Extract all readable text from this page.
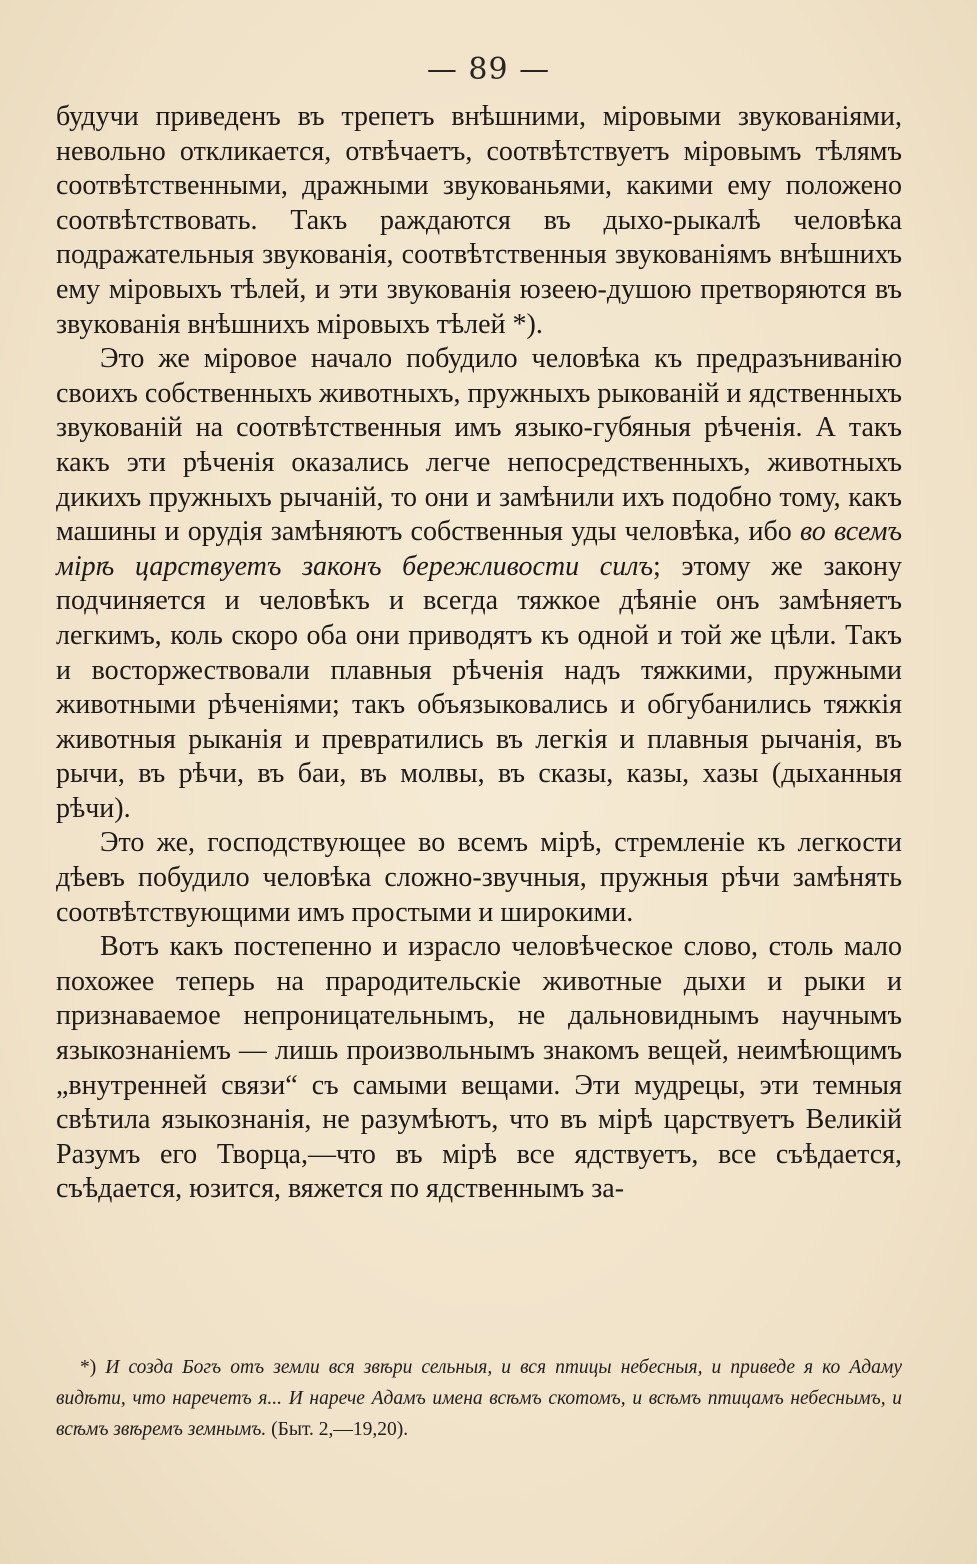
— 89 —

будучи приведенъ въ трепетъ внѣшними, міровыми звукованіями, невольно откликается, отвѣчаетъ, соотвѣтствуетъ міровымъ тѣлямъ соотвѣтственными, дражными звукованьями, какими ему положено соотвѣтствовать. Такъ раждаются въ дыхо-рыкалѣ человѣка подражательныя звукованія, соотвѣтственныя звукованіямъ внѣшнихъ ему міровыхъ тѣлей, и эти звукованія юзеею-душою претворяются въ звукованія внѣшнихъ міровыхъ тѣлей *).

Это же міровое начало побудило человѣка къ предразъниванію своихъ собственныхъ животныхъ, пружныхъ рыкованій и ядственныхъ звукованій на соотвѣтственныя имъ языко-губяныя рѣченія. А такъ какъ эти рѣченія оказались легче непосредственныхъ, животныхъ дикихъ пружныхъ рычаній, то они и замѣнили ихъ подобно тому, какъ машины и орудія замѣняютъ собственныя уды человѣка, ибо во всемъ мірѣ царствуетъ законъ бережливости силъ; этому же закону подчиняется и человѣкъ и всегда тяжкое дѣяніе онъ замѣняетъ легкимъ, коль скоро оба они приводятъ къ одной и той же цѣли. Такъ и восторжествовали плавныя рѣченія надъ тяжкими, пружными животными рѣченіями; такъ объязыковались и обгубанились тяжкія животныя рыканія и превратились въ легкія и плавныя рычанія, въ рычи, въ рѣчи, въ баи, въ молвы, въ сказы, казы, хазы (дыханныя рѣчи).

Это же, господствующее во всемъ мірѣ, стремленіе къ легкости дѣевъ побудило человѣка сложно-звучныя, пружныя рѣчи замѣнять соотвѣтствующими имъ простыми и широкими.

Вотъ какъ постепенно и израсло человѣческое слово, столь мало похожее теперь на прародительскіе животные дыхи и рыки и признаваемое непроницательнымъ, не дальновиднымъ научнымъ языкознаніемъ — лишь произвольнымъ знакомъ вещей, неимѣющимъ „внутренней связи“ съ самыми вещами. Эти мудрецы, эти темныя свѣтила языкознанія, не разумѣютъ, что въ мірѣ царствуетъ Великій Разумъ его Творца,—что въ мірѣ все ядствуетъ, все съѣдается, съѣдается, юзится, вяжется по ядственнымъ за-

*) И созда Богъ отъ земли вся звѣри сельныя, и вся птицы небесныя, и приведе я ко Адаму видѣти, что наречетъ я... И нарече Адамъ имена всѣмъ скотомъ, и всѣмъ птицамъ небеснымъ, и всѣмъ звѣремъ земнымъ. (Быт. 2,—19,20).
